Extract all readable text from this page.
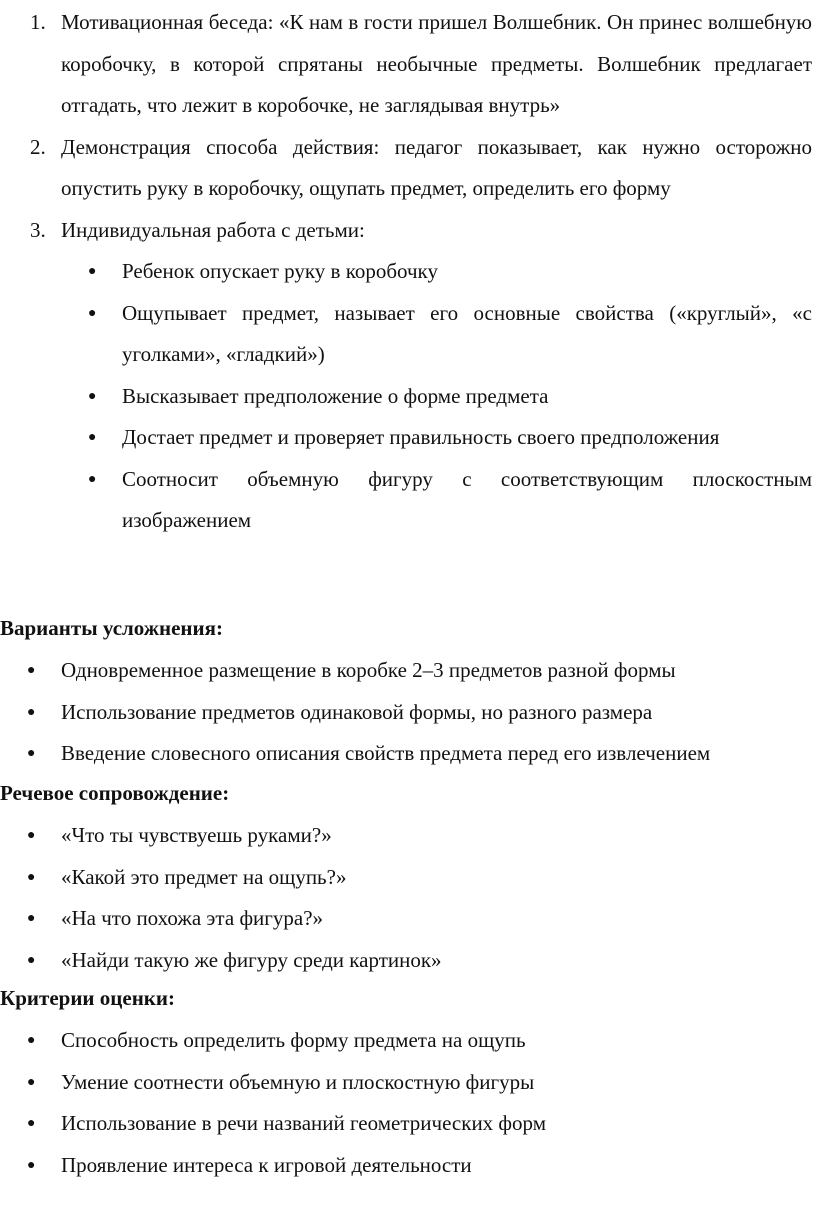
1. Мотивационная беседа: «К нам в гости пришел Волшебник. Он принес волшебную коробочку, в которой спрятаны необычные предметы. Волшебник предлагает отгадать, что лежит в коробочке, не заглядывая внутрь»
2. Демонстрация способа действия: педагог показывает, как нужно осторожно опустить руку в коробочку, ощупать предмет, определить его форму
3. Индивидуальная работа с детьми:
● Ребенок опускает руку в коробочку
● Ощупывает предмет, называет его основные свойства («круглый», «с уголками», «гладкий»)
● Высказывает предположение о форме предмета
● Достает предмет и проверяет правильность своего предположения
● Соотносит объемную фигуру с соответствующим плоскостным изображением
Варианты усложнения:
● Одновременное размещение в коробке 2–3 предметов разной формы
● Использование предметов одинаковой формы, но разного размера
● Введение словесного описания свойств предмета перед его извлечением
Речевое сопровождение:
● «Что ты чувствуешь руками?»
● «Какой это предмет на ощупь?»
● «На что похожа эта фигура?»
● «Найди такую же фигуру среди картинок»
Критерии оценки:
● Способность определить форму предмета на ощупь
● Умение соотнести объемную и плоскостную фигуры
● Использование в речи названий геометрических форм
● Проявление интереса к игровой деятельности
